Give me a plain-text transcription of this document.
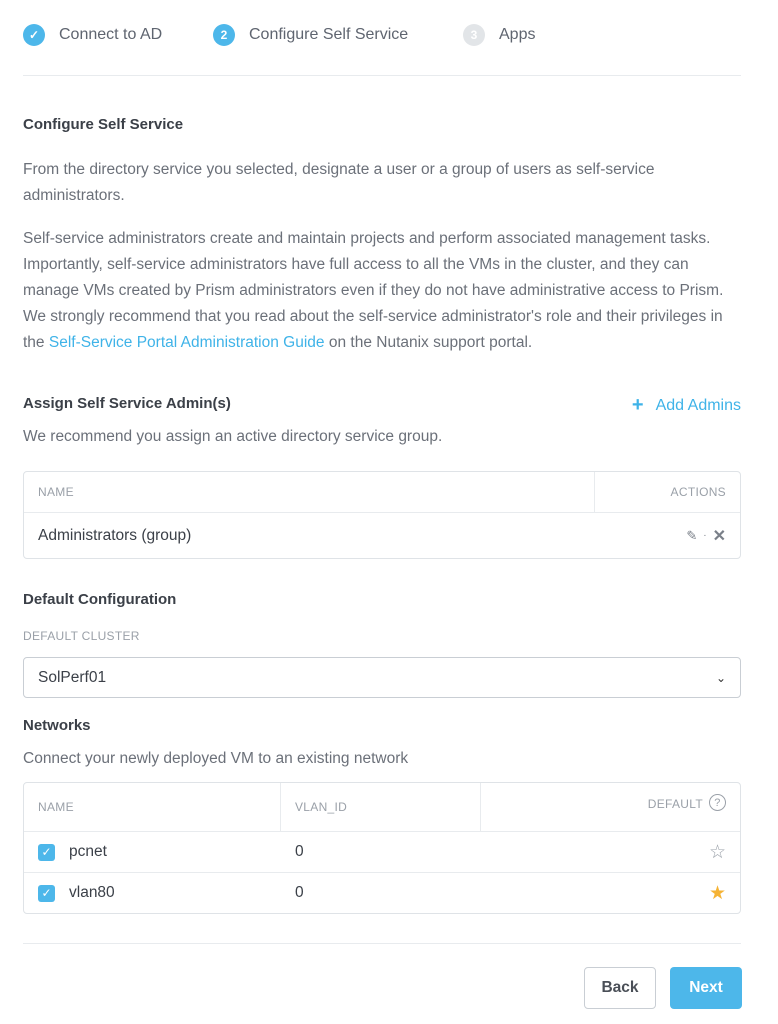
✓	Connect to AD	2	Configure Self Service	3	Apps
Configure Self Service
From the directory service you selected, designate a user or a group of users as self-service administrators.
Self-service administrators create and maintain projects and perform associated management tasks. Importantly, self-service administrators have full access to all the VMs in the cluster, and they can manage VMs created by Prism administrators even if they do not have administrative access to Prism. We strongly recommend that you read about the self-service administrator's role and their privileges in the Self-Service Portal Administration Guide on the Nutanix support portal.
Assign Self Service Admin(s)	+ Add Admins
We recommend you assign an active directory service group.
NAME	ACTIONS
Administrators (group)	✎ · ✕
Default Configuration
DEFAULT CLUSTER
SolPerf01	⌄
Networks
Connect your newly deployed VM to an existing network
NAME	VLAN_ID	DEFAULT	?
✓ pcnet	0	☆
✓ vlan80	0	★
Back	Next
